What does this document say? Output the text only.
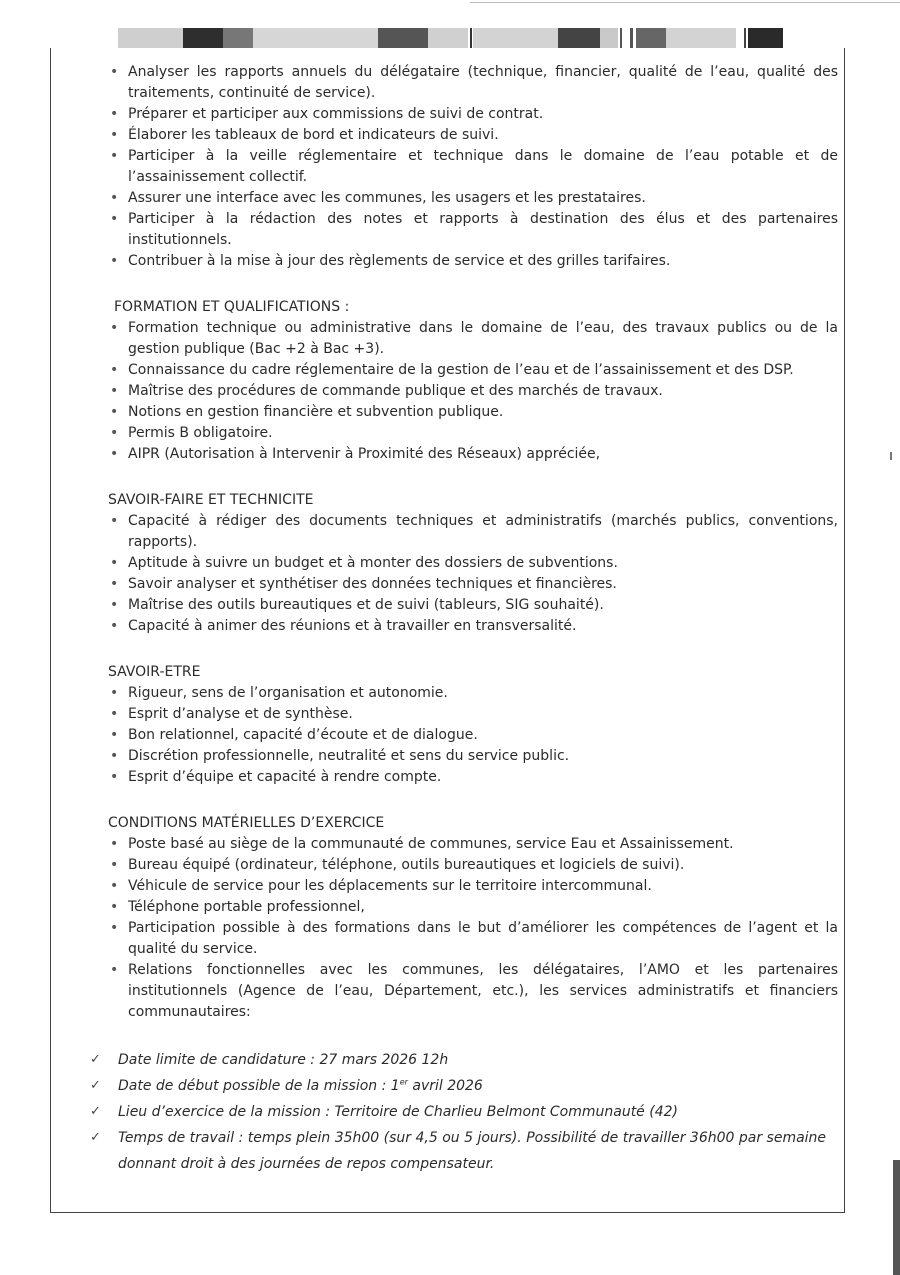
• Analyser les rapports annuels du délégataire (technique, financier, qualité de l’eau, qualité des traitements, continuité de service).
• Préparer et participer aux commissions de suivi de contrat.
• Élaborer les tableaux de bord et indicateurs de suivi.
• Participer à la veille réglementaire et technique dans le domaine de l’eau potable et de l’assainissement collectif.
• Assurer une interface avec les communes, les usagers et les prestataires.
• Participer à la rédaction des notes et rapports à destination des élus et des partenaires institutionnels.
• Contribuer à la mise à jour des règlements de service et des grilles tarifaires.
FORMATION ET QUALIFICATIONS :
• Formation technique ou administrative dans le domaine de l’eau, des travaux publics ou de la gestion publique (Bac +2 à Bac +3).
• Connaissance du cadre réglementaire de la gestion de l’eau et de l’assainissement et des DSP.
• Maîtrise des procédures de commande publique et des marchés de travaux.
• Notions en gestion financière et subvention publique.
• Permis B obligatoire.
• AIPR (Autorisation à Intervenir à Proximité des Réseaux) appréciée,
SAVOIR-FAIRE ET TECHNICITE
• Capacité à rédiger des documents techniques et administratifs (marchés publics, conventions, rapports).
• Aptitude à suivre un budget et à monter des dossiers de subventions.
• Savoir analyser et synthétiser des données techniques et financières.
• Maîtrise des outils bureautiques et de suivi (tableurs, SIG souhaité).
• Capacité à animer des réunions et à travailler en transversalité.
SAVOIR-ETRE
• Rigueur, sens de l’organisation et autonomie.
• Esprit d’analyse et de synthèse.
• Bon relationnel, capacité d’écoute et de dialogue.
• Discrétion professionnelle, neutralité et sens du service public.
• Esprit d’équipe et capacité à rendre compte.
CONDITIONS MATÉRIELLES D’EXERCICE
• Poste basé au siège de la communauté de communes, service Eau et Assainissement.
• Bureau équipé (ordinateur, téléphone, outils bureautiques et logiciels de suivi).
• Véhicule de service pour les déplacements sur le territoire intercommunal.
• Téléphone portable professionnel,
• Participation possible à des formations dans le but d’améliorer les compétences de l’agent et la qualité du service.
• Relations fonctionnelles avec les communes, les délégataires, l’AMO et les partenaires institutionnels (Agence de l’eau, Département, etc.), les services administratifs et financiers communautaires:
✓ Date limite de candidature : 27 mars 2026 12h
✓ Date de début possible de la mission : 1er avril 2026
✓ Lieu d’exercice de la mission : Territoire de Charlieu Belmont Communauté (42)
✓ Temps de travail : temps plein 35h00 (sur 4,5 ou 5 jours). Possibilité de travailler 36h00 par semaine donnant droit à des journées de repos compensateur.
